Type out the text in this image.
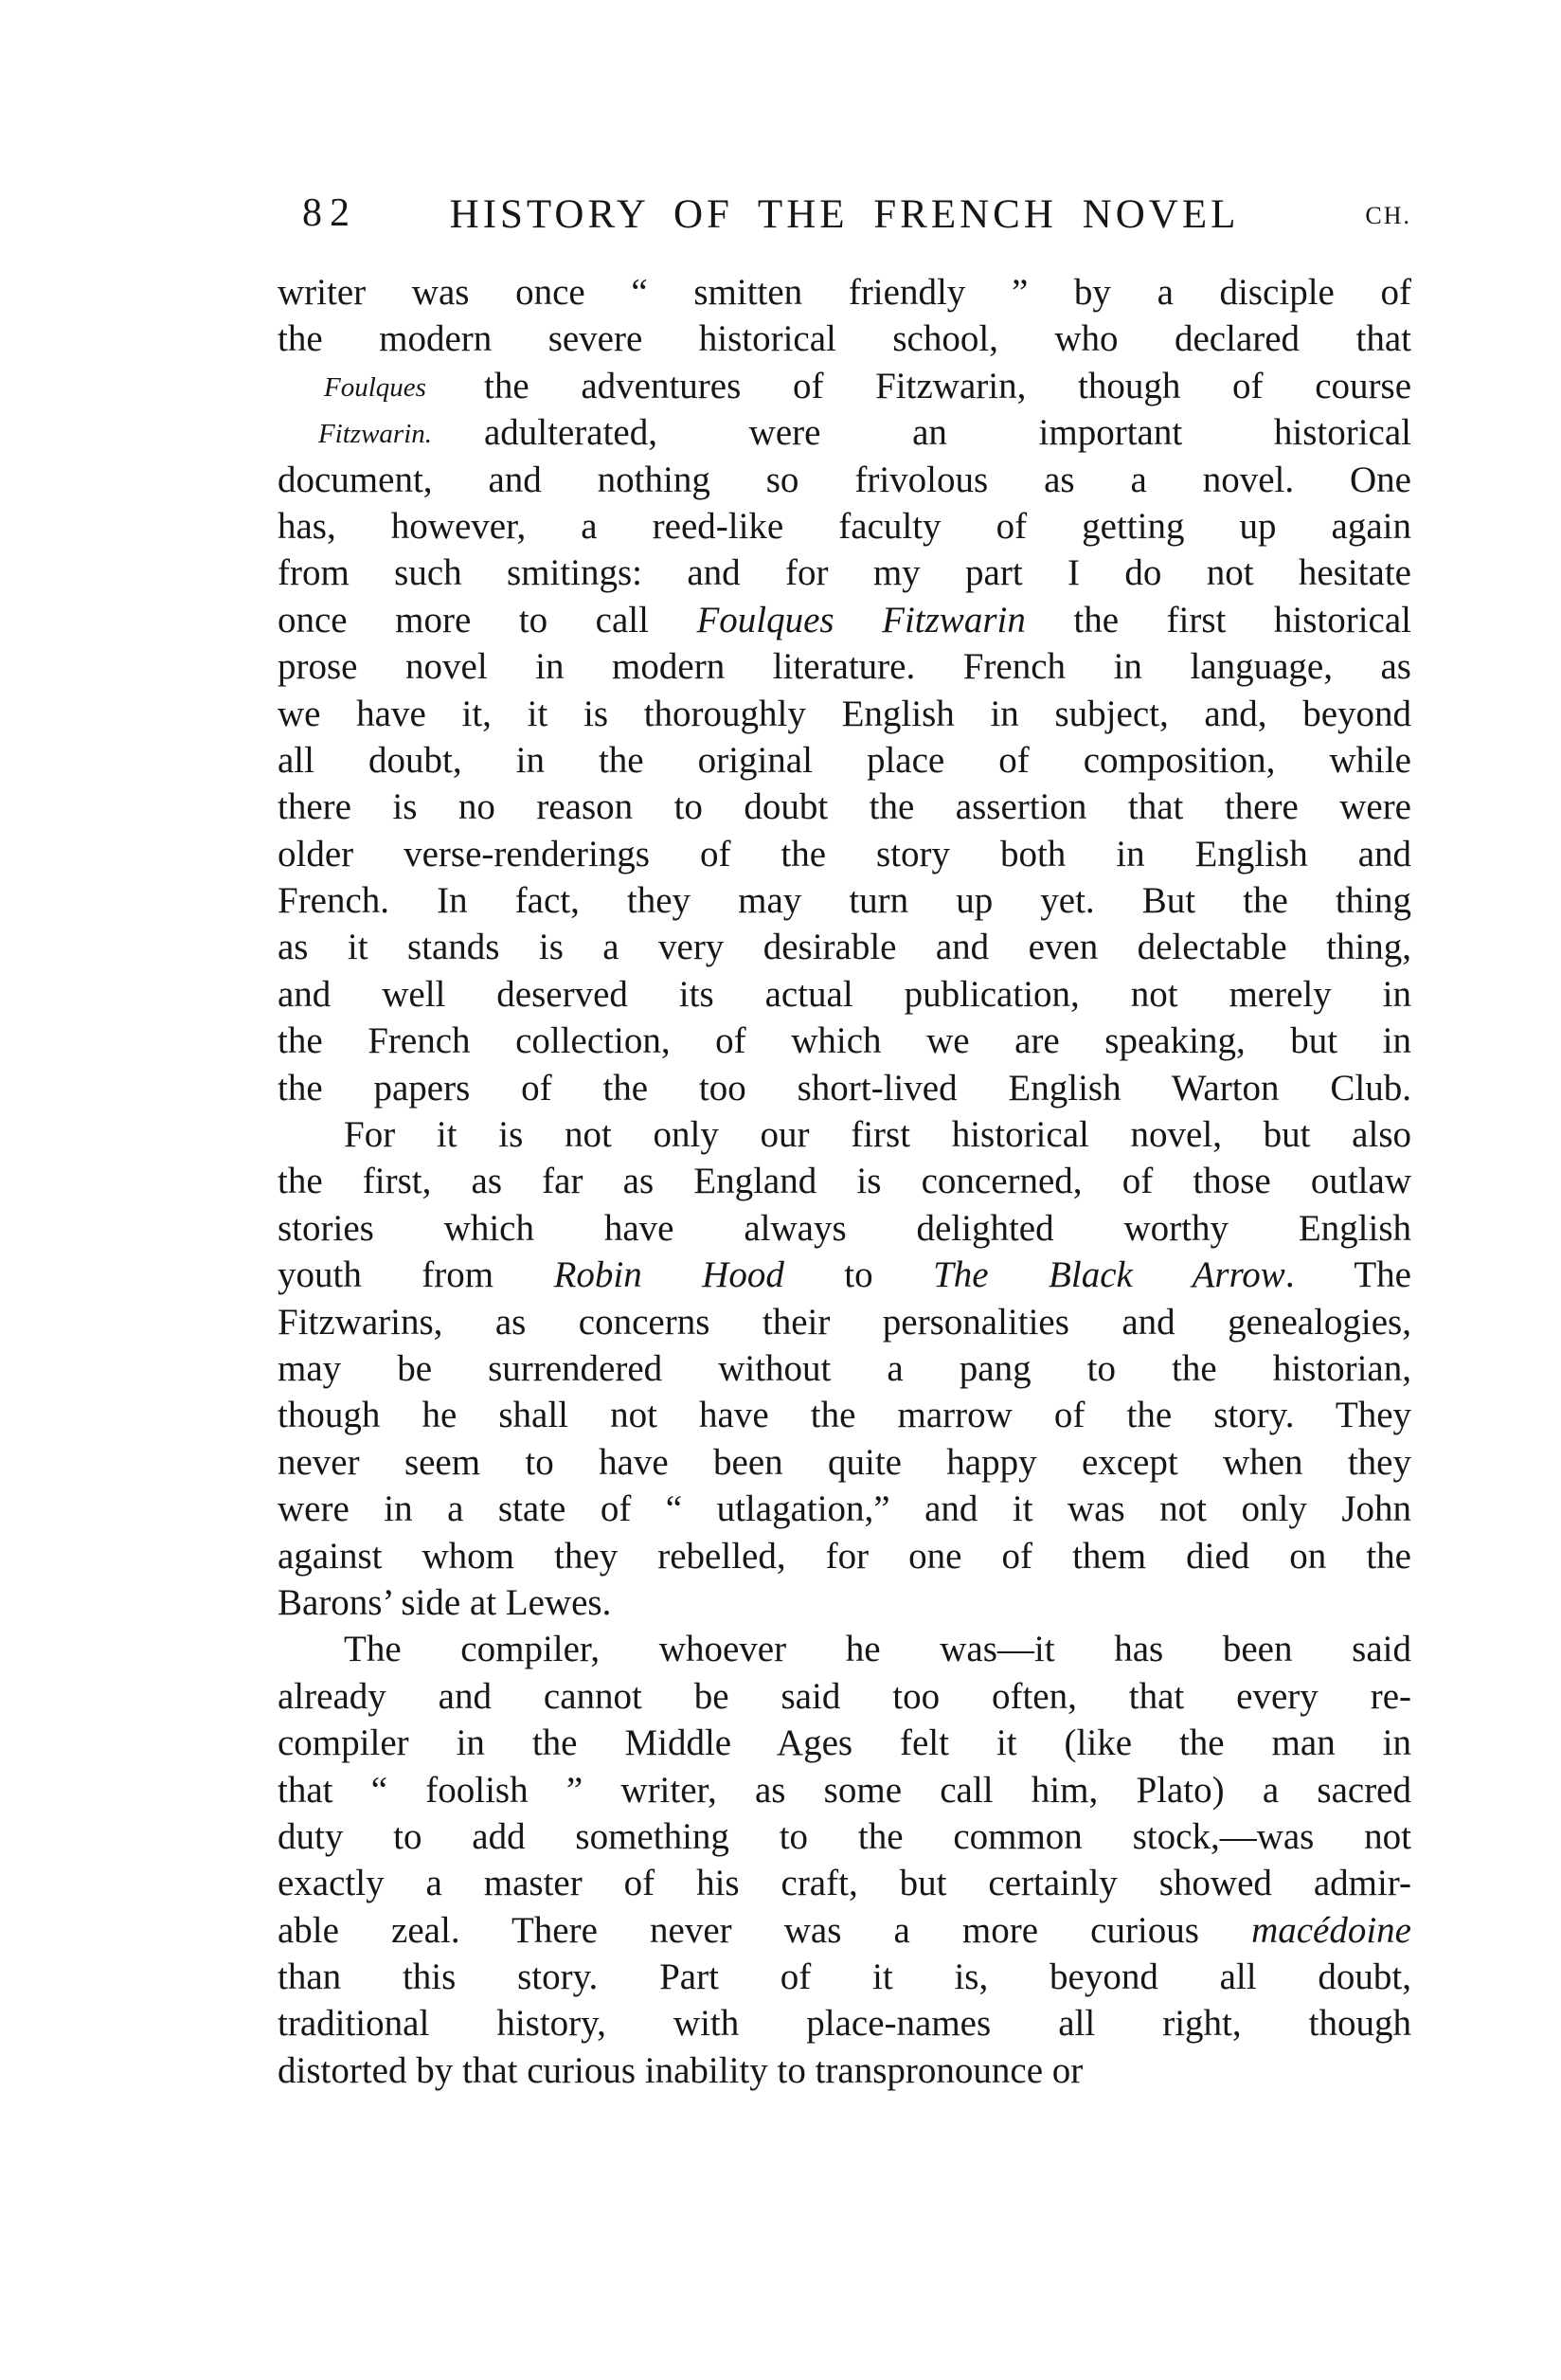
82	HISTORY OF THE FRENCH NOVEL	CH.
Foulques
Fitzwarin.
writer was once “ smitten friendly ” by a disciple of
the modern severe historical school, who declared that
the adventures of Fitzwarin, though of course
adulterated, were an important historical
document, and nothing so frivolous as a novel. One
has, however, a reed-like faculty of getting up again
from such smitings: and for my part I do not hesitate
once more to call Foulques Fitzwarin the first historical
prose novel in modern literature. French in language, as
we have it, it is thoroughly English in subject, and, beyond
all doubt, in the original place of composition, while
there is no reason to doubt the assertion that there were
older verse-renderings of the story both in English and
French. In fact, they may turn up yet. But the thing
as it stands is a very desirable and even delectable thing,
and well deserved its actual publication, not merely in
the French collection, of which we are speaking, but in
the papers of the too short-lived English Warton Club.
For it is not only our first historical novel, but also
the first, as far as England is concerned, of those outlaw
stories which have always delighted worthy English
youth from Robin Hood to The Black Arrow. The
Fitzwarins, as concerns their personalities and genealogies,
may be surrendered without a pang to the historian,
though he shall not have the marrow of the story. They
never seem to have been quite happy except when they
were in a state of “ utlagation,” and it was not only John
against whom they rebelled, for one of them died on the
Barons’ side at Lewes.
The compiler, whoever he was—it has been said
already and cannot be said too often, that every re-
compiler in the Middle Ages felt it (like the man in
that “ foolish ” writer, as some call him, Plato) a sacred
duty to add something to the common stock,—was not
exactly a master of his craft, but certainly showed admir-
able zeal. There never was a more curious macédoine
than this story. Part of it is, beyond all doubt,
traditional history, with place-names all right, though
distorted by that curious inability to transpronounce or
